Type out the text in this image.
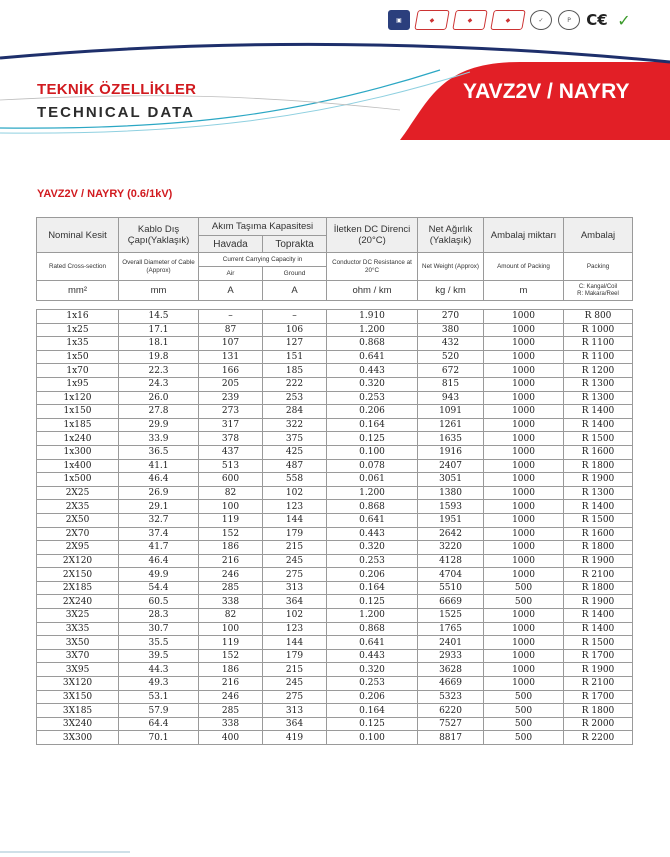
▣	◆	◆	◆	✓	Р	C€ ✓
TEKNİK ÖZELLİKLER
TECHNICAL DATA
YAVZ2V / NAYRY
YAVZ2V / NAYRY (0.6/1kV)
Nominal Kesit	Kablo Dış Çapı(Yaklaşık)	Akım Taşıma Kapasitesi		İletken DC Direnci (20°C)	Net Ağırlık (Yaklaşık)	Ambalaj miktarı	Ambalaj
		Havada	Toprakta				
Rated Cross-section	Overall Diameter of Cable (Approx)	Current Carrying Capacity in		Conductor DC Resistance at 20°C	Net Weight (Approx)	Amount of Packing	Packing
		Air	Ground				
mm²	mm	A	A	ohm / km	kg / km	m	C: Kangal/Coil
R: Makara/Reel

1x16	14.5	–	–	1.910	270	1000	R 800
1x25	17.1	87	106	1.200	380	1000	R 1000
1x35	18.1	107	127	0.868	432	1000	R 1100
1x50	19.8	131	151	0.641	520	1000	R 1100
1x70	22.3	166	185	0.443	672	1000	R 1200
1x95	24.3	205	222	0.320	815	1000	R 1300
1x120	26.0	239	253	0.253	943	1000	R 1300
1x150	27.8	273	284	0.206	1091	1000	R 1400
1x185	29.9	317	322	0.164	1261	1000	R 1400
1x240	33.9	378	375	0.125	1635	1000	R 1500
1x300	36.5	437	425	0.100	1916	1000	R 1600
1x400	41.1	513	487	0.078	2407	1000	R 1800
1x500	46.4	600	558	0.061	3051	1000	R 1900
2X25	26.9	82	102	1.200	1380	1000	R 1300
2X35	29.1	100	123	0.868	1593	1000	R 1400
2X50	32.7	119	144	0.641	1951	1000	R 1500
2X70	37.4	152	179	0.443	2642	1000	R 1600
2X95	41.7	186	215	0.320	3220	1000	R 1800
2X120	46.4	216	245	0.253	4128	1000	R 1900
2X150	49.9	246	275	0.206	4704	1000	R 2100
2X185	54.4	285	313	0.164	5510	500	R 1800
2X240	60.5	338	364	0.125	6669	500	R 1900
3X25	28.3	82	102	1.200	1525	1000	R 1400
3X35	30.7	100	123	0.868	1765	1000	R 1400
3X50	35.5	119	144	0.641	2401	1000	R 1500
3X70	39.5	152	179	0.443	2933	1000	R 1700
3X95	44.3	186	215	0.320	3628	1000	R 1900
3X120	49.3	216	245	0.253	4669	1000	R 2100
3X150	53.1	246	275	0.206	5323	500	R 1700
3X185	57.9	285	313	0.164	6220	500	R 1800
3X240	64.4	338	364	0.125	7527	500	R 2000
3X300	70.1	400	419	0.100	8817	500	R 2200
